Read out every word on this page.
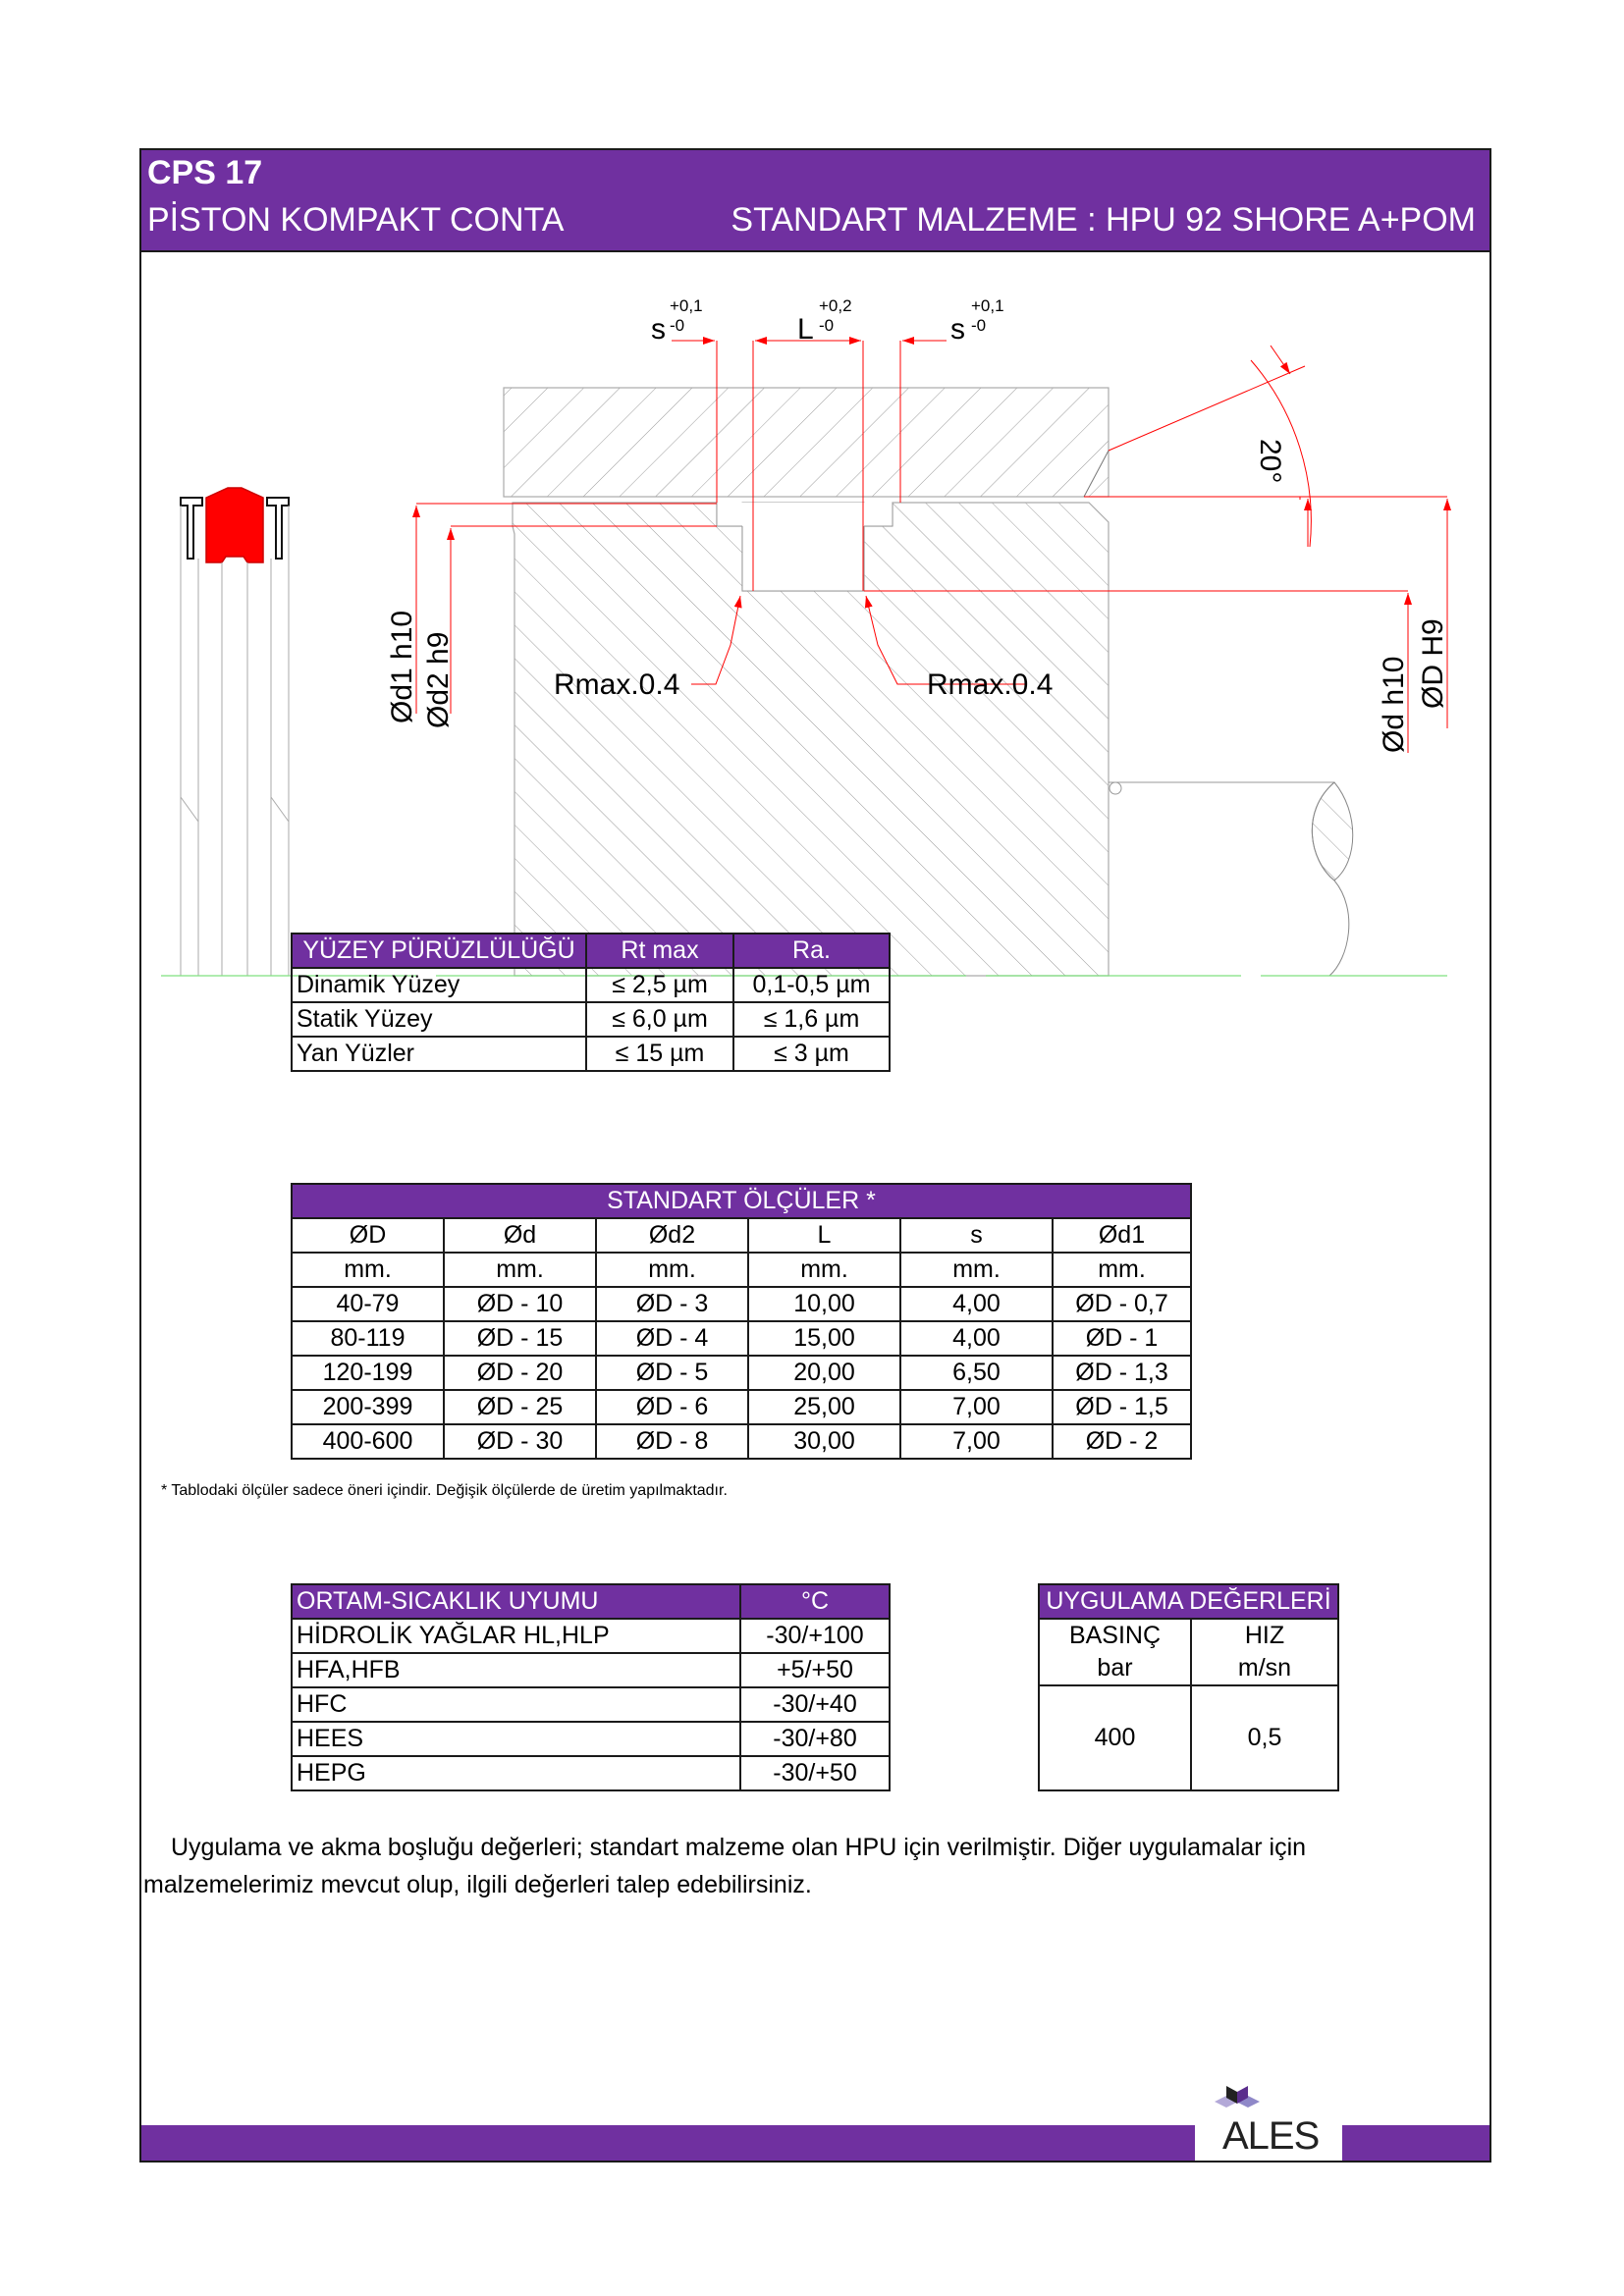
CPS 17
PİSTON KOMPAKT CONTA	STANDART MALZEME : HPU 92 SHORE A+POM
s
+0,1
-0	L
+0,2
-0	s
+0,1
-0
20°
Ød1 h10 Ød2 h9	Ød h10 ØD H9
Rmax.0.4	Rmax.0.4
YÜZEY PÜRÜZLÜLÜĞÜ	Rt max	Ra.
Dinamik Yüzey	≤ 2,5 µm	0,1-0,5 µm
Statik Yüzey	≤ 6,0 µm	≤ 1,6 µm
Yan Yüzler	≤ 15 µm	≤ 3 µm
STANDART ÖLÇÜLER *					
ØD	Ød	Ød2	L	s	Ød1
mm.	mm.	mm.	mm.	mm.	mm.
40-79	ØD - 10	ØD - 3	10,00	4,00	ØD - 0,7
80-119	ØD - 15	ØD - 4	15,00	4,00	ØD - 1
120-199	ØD - 20	ØD - 5	20,00	6,50	ØD - 1,3
200-399	ØD - 25	ØD - 6	25,00	7,00	ØD - 1,5
400-600	ØD - 30	ØD - 8	30,00	7,00	ØD - 2
* Tablodaki ölçüler sadece öneri içindir. Değişik ölçülerde de üretim yapılmaktadır.
ORTAM-SICAKLIK UYUMU	°C
HİDROLİK YAĞLAR HL,HLP	-30/+100
HFA,HFB	+5/+50
HFC	-30/+40
HEES	-30/+80
HEPG	-30/+50
UYGULAMA DEĞERLERİ	
BASINÇ	HIZ
bar	m/sn
400	0,5
Uygulama ve akma boşluğu değerleri; standart malzeme olan HPU için verilmiştir. Diğer uygulamalar için
malzemelerimiz mevcut olup, ilgili değerleri talep edebilirsiniz.
ALES
